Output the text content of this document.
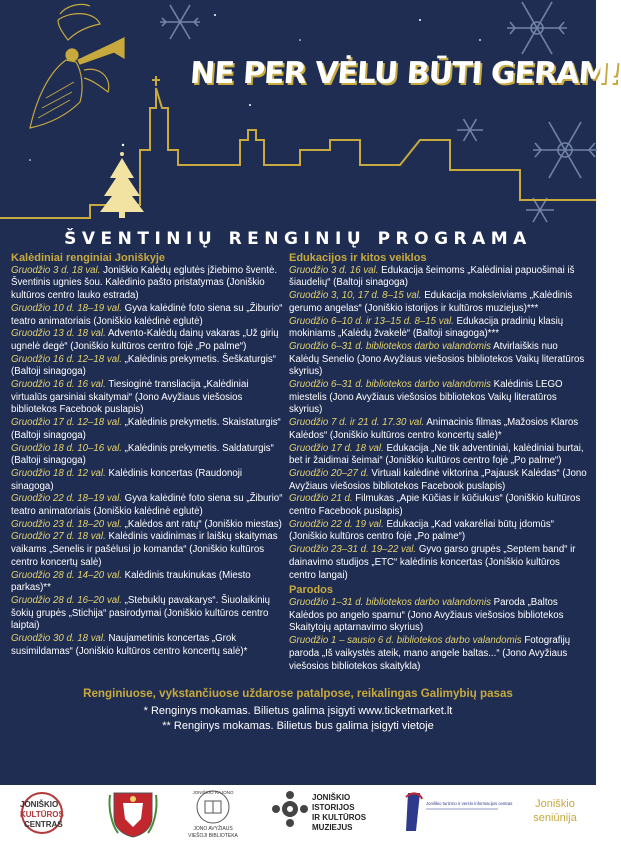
NE PER VĖLU BŪTI GERAM!
ŠVENTINIŲ RENGINIŲ PROGRAMA
Kalėdiniai renginiai Joniškyje
Gruodžio 3 d. 18 val. Joniškio Kalėdų eglutės įžiebimo šventė. Šventinis ugnies šou. Kalėdinio pašto pristatymas (Joniškio kultūros centro lauko estrada)
Gruodžio 10 d. 18–19 val. Gyva kalėdinė foto siena su „Žiburio“ teatro animatoriais (Joniškio kalėdinė eglutė)
Gruodžio 13 d. 18 val. Advento-Kalėdų dainų vakaras „Už girių ugnelė degė“ (Joniškio kultūros centro fojė „Po palme“)
Gruodžio 16 d. 12–18 val. „Kalėdinis prekymetis. Šeškaturgis“ (Baltoji sinagoga)
Gruodžio 16 d. 16 val. Tiesioginė transliacija „Kalėdiniai virtualūs garsiniai skaitymai“ (Jono Avyžiaus viešosios bibliotekos Facebook puslapis)
Gruodžio 17 d. 12–18 val. „Kalėdinis prekymetis. Skaistaturgis“ (Baltoji sinagoga)
Gruodžio 18 d. 10–16 val. „Kalėdinis prekymetis. Saldaturgis“ (Baltoji sinagoga)
Gruodžio 18 d. 12 val. Kalėdinis koncertas (Raudonoji sinagoga)
Gruodžio 22 d. 18–19 val. Gyva kalėdinė foto siena su „Žiburio“ teatro animatoriais (Joniškio kalėdinė eglutė)
Gruodžio 23 d. 18–20 val. „Kalėdos ant ratų“ (Joniškio miestas)
Gruodžio 27 d. 18 val. Kalėdinis vaidinimas ir laiškų skaitymas vaikams „Senelis ir pašėlusi jo komanda“ (Joniškio kultūros centro koncertų salė)
Gruodžio 28 d. 14–20 val. Kalėdinis traukinukas (Miesto parkas)**
Gruodžio 28 d. 16–20 val. „Stebuklų pavakarys“. Šiuolaikinių šokių grupės „Stichija“ pasirodymai (Joniškio kultūros centro laiptai)
Gruodžio 30 d. 18 val. Naujametinis koncertas „Grok susimildamas“ (Joniškio kultūros centro koncertų salė)*
Edukacijos ir kitos veiklos
Gruodžio 3 d. 16 val. Edukacija šeimoms „Kalėdiniai papuošimai iš šiaudelių“ (Baltoji sinagoga)
Gruodžio 3, 10, 17 d. 8–15 val. Edukacija moksleiviams „Kalėdinis gerumo angelas“ (Joniškio istorijos ir kultūros muziejus)***
Gruodžio 6–10 d. ir 13–15 d. 8–15 val. Edukacija pradinių klasių mokiniams „Kalėdų žvakelė“ (Baltoji sinagoga)***
Gruodžio 6–31 d. bibliotekos darbo valandomis Atvirlaiškis nuo Kalėdų Senelio (Jono Avyžiaus viešosios bibliotekos Vaikų literatūros skyrius)
Gruodžio 6–31 d. bibliotekos darbo valandomis Kalėdinis LEGO miestelis (Jono Avyžiaus viešosios bibliotekos Vaikų literatūros skyrius)
Gruodžio 7 d. ir 21 d. 17.30 val. Animacinis filmas „Mažosios Klaros Kalėdos“ (Joniškio kultūros centro koncertų salė)*
Gruodžio 17 d. 18 val. Edukacija „Ne tik adventiniai, kalėdiniai burtai, bet ir žaidimai šeimai“ (Joniškio kultūros centro fojė „Po palme“)
Gruodžio 20–27 d. Virtuali kalėdinė viktorina „Pajausk Kalėdas“ (Jono Avyžiaus viešosios bibliotekos Facebook puslapis)
Gruodžio 21 d. Filmukas „Apie Kūčias ir kūčiukus“ (Joniškio kultūros centro Facebook puslapis)
Gruodžio 22 d. 19 val. Edukacija „Kad vakarėliai būtų įdomūs“ (Joniškio kultūros centro fojė „Po palme“)
Gruodžio 23–31 d. 19–22 val. Gyvo garso grupės „Septem band“ ir dainavimo studijos „ETC“ kalėdinis koncertas (Joniškio kultūros centro langai)
Parodos
Gruodžio 1–31 d. bibliotekos darbo valandomis Paroda „Baltos Kalėdos po angelo sparnu“ (Jono Avyžiaus viešosios bibliotekos Skaitytojų aptarnavimo skyrius)
Gruodžio 1 – sausio 6 d. bibliotekos darbo valandomis Fotografijų paroda „Iš vaikystės ateik, mano angele baltas...“ (Jono Avyžiaus viešosios bibliotekos skaitykla)
Renginiuose, vykstančiuose uždarose patalpose, reikalingas Galimybių pasas
* Renginys mokamas. Bilietus galima įsigyti www.ticketmarket.lt
** Renginys mokamas. Bilietus bus galima įsigyti vietoje
JONIŠKIO
KULTŪROS
CENTRAS
JONIŠKIO RAJONO
JONO AVYŽIAUS
VIEŠOJI BIBLIOTEKA
JONIŠKIO
ISTORIJOS
IR KULTŪROS
MUZIEJUS
Joniškio turizmo ir verslo informacijos centras Joniškio
seniūnija
